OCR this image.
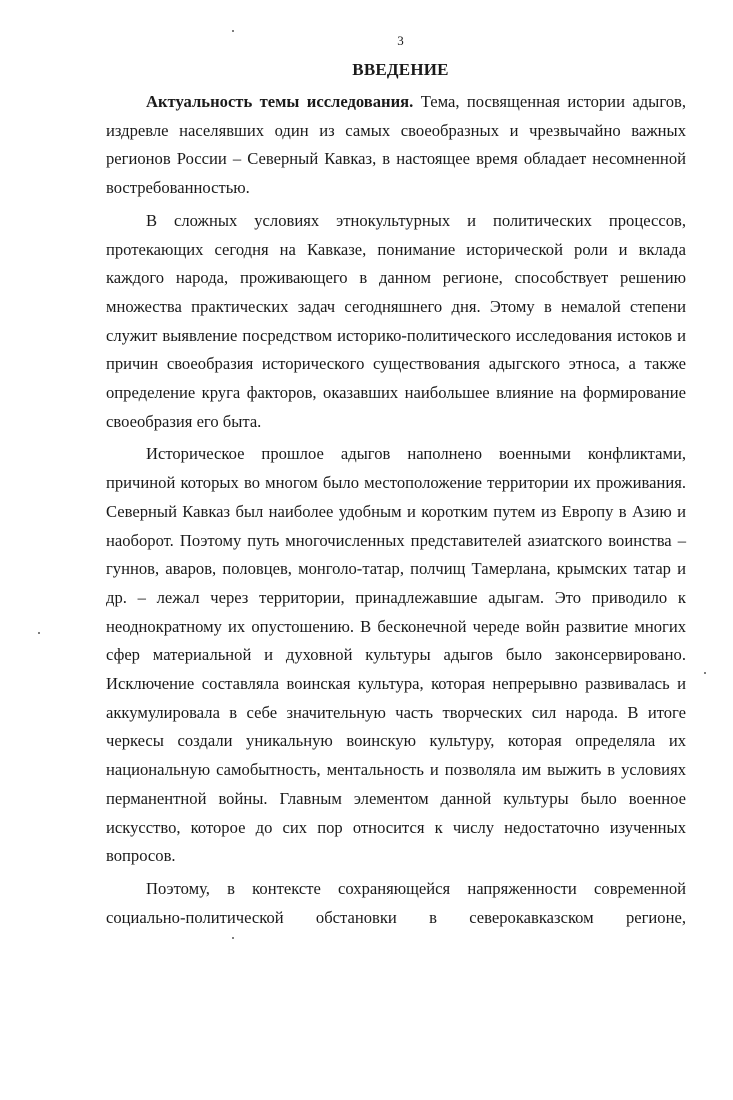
3
ВВЕДЕНИЕ

Актуальность темы исследования. Тема, посвященная истории адыгов, издревле населявших один из самых своеобразных и чрезвычайно важных регионов России – Северный Кавказ, в настоящее время обладает несомненной востребованностью.

В сложных условиях этнокультурных и политических процессов, протекающих сегодня на Кавказе, понимание исторической роли и вклада каждого народа, проживающего в данном регионе, способствует решению множества практических задач сегодняшнего дня. Этому в немалой степени служит выявление посредством историко-политического исследования истоков и причин своеобразия исторического существования адыгского этноса, а также определение круга факторов, оказавших наибольшее влияние на формирование своеобразия его быта.

Историческое прошлое адыгов наполнено военными конфликтами, причиной которых во многом было местоположение территории их проживания. Северный Кавказ был наиболее удобным и коротким путем из Европу в Азию и наоборот. Поэтому путь многочисленных представителей азиатского воинства – гуннов, аваров, половцев, монголо-татар, полчищ Тамерлана, крымских татар и др. – лежал через территории, принадлежавшие адыгам. Это приводило к неоднократному их опустошению. В бесконечной череде войн развитие многих сфер материальной и духовной культуры адыгов было законсервировано. Исключение составляла воинская культура, которая непрерывно развивалась и аккумулировала в себе значительную часть творческих сил народа. В итоге черкесы создали уникальную воинскую культуру, которая определяла их национальную самобытность, ментальность и позволяла им выжить в условиях перманентной войны. Главным элементом данной культуры было военное искусство, которое до сих пор относится к числу недостаточно изученных вопросов.

Поэтому, в контексте сохраняющейся напряженности современной социально-политической обстановки в северокавказском регионе,
